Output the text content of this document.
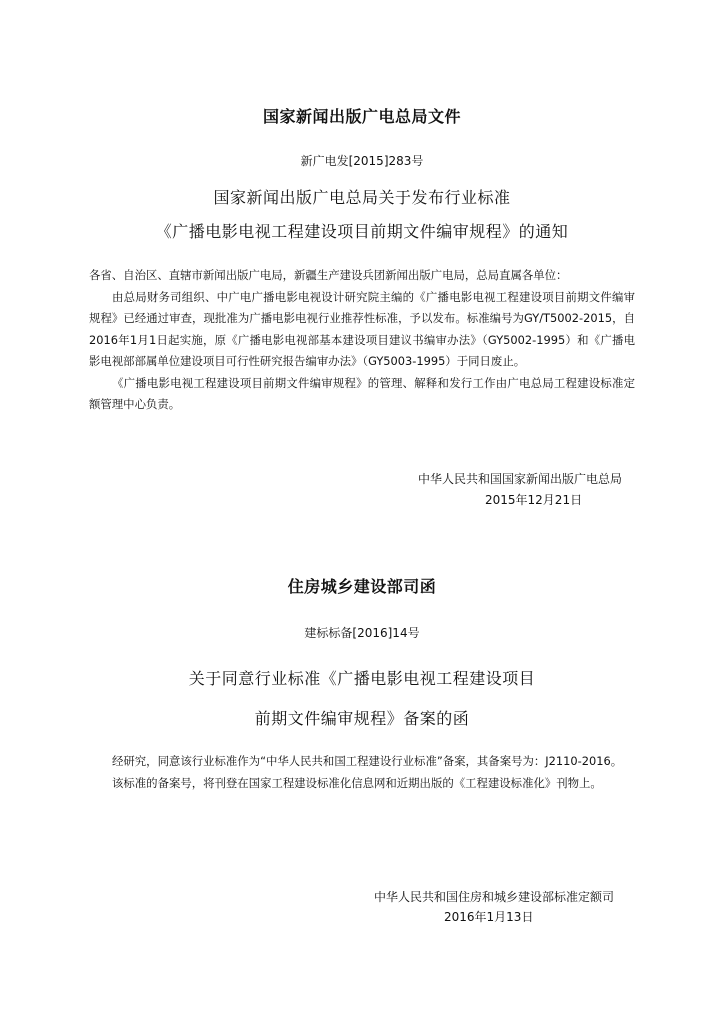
国家新闻出版广电总局文件
新广电发[2015]283号
国家新闻出版广电总局关于发布行业标准
《广播电影电视工程建设项目前期文件编审规程》的通知

各省、自治区、直辖市新闻出版广电局，新疆生产建设兵团新闻出版广电局，总局直属各单位：

由总局财务司组织、中广电广播电影电视设计研究院主编的《广播电影电视工程建设项目前期文件编审规程》已经通过审查，现批准为广播电影电视行业推荐性标准，予以发布。标准编号为GY/T5002-2015，自2016年1月1日起实施，原《广播电影电视部基本建设项目建议书编审办法》（GY5002-1995）和《广播电影电视部部属单位建设项目可行性研究报告编审办法》（GY5003-1995）于同日废止。

《广播电影电视工程建设项目前期文件编审规程》的管理、解释和发行工作由广电总局工程建设标准定额管理中心负责。

中华人民共和国国家新闻出版广电总局
2015年12月21日
住房城乡建设部司函
建标标备[2016]14号
关于同意行业标准《广播电影电视工程建设项目
前期文件编审规程》备案的函

经研究，同意该行业标准作为“中华人民共和国工程建设行业标准”备案，其备案号为：J2110-2016。

该标准的备案号，将刊登在国家工程建设标准化信息网和近期出版的《工程建设标准化》刊物上。

中华人民共和国住房和城乡建设部标准定额司
2016年1月13日
